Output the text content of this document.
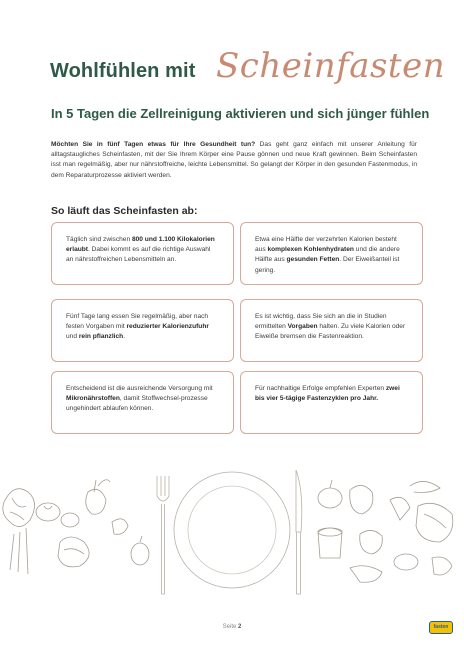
Wohlfühlen mit Scheinfasten
In 5 Tagen die Zellreinigung aktivieren und sich jünger fühlen
Möchten Sie in fünf Tagen etwas für Ihre Gesundheit tun? Das geht ganz einfach mit unserer Anleitung für alltagstaugliches Scheinfasten, mit der Sie Ihrem Körper eine Pause gönnen und neue Kraft gewinnen. Beim Scheinfasten isst man regelmäßig, aber nur nährstoffreiche, leichte Lebensmittel. So gelangt der Körper in den gesunden Fastenmodus, in dem Reparaturprozesse aktiviert werden.
So läuft das Scheinfasten ab:
Täglich sind zwischen 800 und 1.100 Kilokalorien erlaubt. Dabei kommt es auf die richtige Auswahl an nährstoffreichen Lebensmitteln an.
Etwa eine Hälfte der verzehrten Kalorien besteht aus komplexen Kohlenhydraten und die andere Hälfte aus gesunden Fetten. Der Eiweißanteil ist gering.
Fünf Tage lang essen Sie regelmäßig, aber nach festen Vorgaben mit reduzierter Kalorienzufuhr und rein pflanzlich.
Es ist wichtig, dass Sie sich an die in Studien ermittelten Vorgaben halten. Zu viele Kalorien oder Eiweiße bremsen die Fastenreaktion.
Entscheidend ist die ausreichende Versorgung mit Mikronährstoffen, damit Stoffwechsel-prozesse ungehindert ablaufen können.
Für nachhaltige Erfolge empfehlen Experten zwei bis vier 5-tägige Fastenzyklen pro Jahr.
Seite 2	fasten
